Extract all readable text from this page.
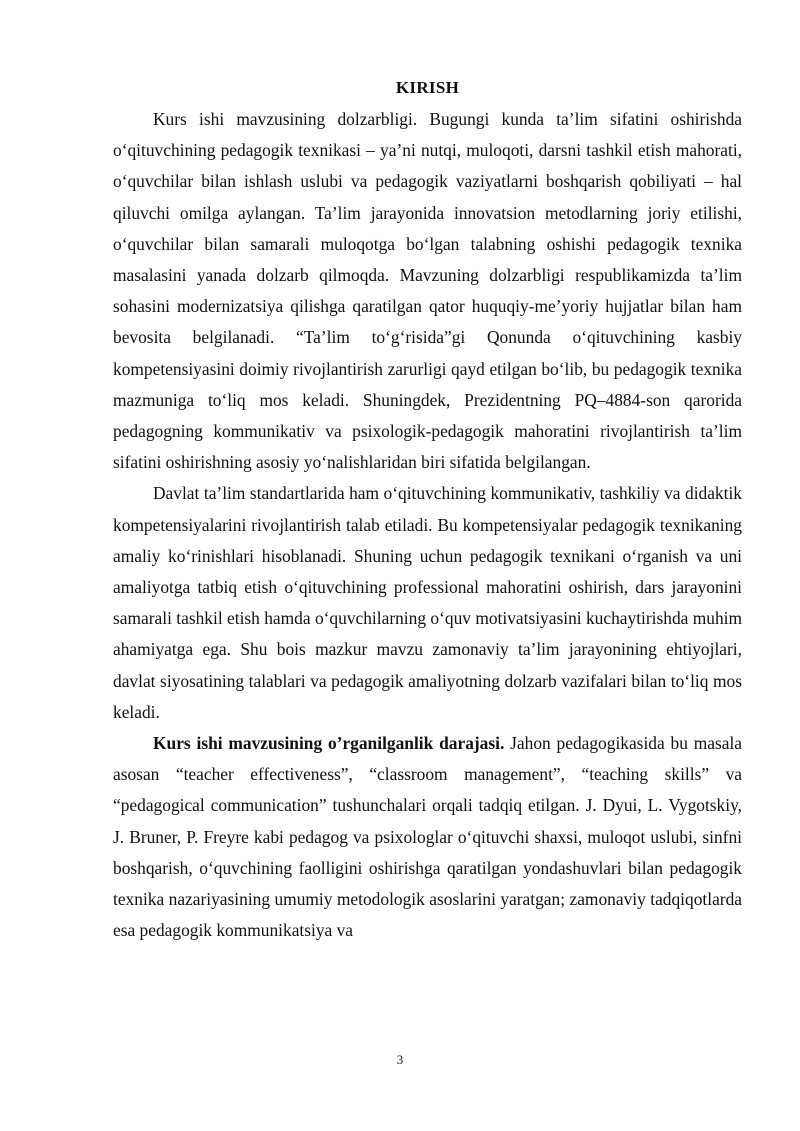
KIRISH

Kurs ishi mavzusining dolzarbligi. Bugungi kunda ta’lim sifatini oshirishda o‘qituvchining pedagogik texnikasi – ya’ni nutqi, muloqoti, darsni tashkil etish mahorati, o‘quvchilar bilan ishlash uslubi va pedagogik vaziyatlarni boshqarish qobiliyati – hal qiluvchi omilga aylangan. Ta’lim jarayonida innovatsion metodlarning joriy etilishi, o‘quvchilar bilan samarali muloqotga bo‘lgan talabning oshishi pedagogik texnika masalasini yanada dolzarb qilmoqda. Mavzuning dolzarbligi respublikamizda ta’lim sohasini modernizatsiya qilishga qaratilgan qator huquqiy-me’yoriy hujjatlar bilan ham bevosita belgilanadi. “Ta’lim to‘g‘risida”gi Qonunda o‘qituvchining kasbiy kompetensiyasini doimiy rivojlantirish zarurligi qayd etilgan bo‘lib, bu pedagogik texnika mazmuniga to‘liq mos keladi. Shuningdek, Prezidentning PQ–4884-son qarorida pedagogning kommunikativ va psixologik-pedagogik mahoratini rivojlantirish ta’lim sifatini oshirishning asosiy yo‘nalishlaridan biri sifatida belgilangan.

Davlat ta’lim standartlarida ham o‘qituvchining kommunikativ, tashkiliy va didaktik kompetensiyalarini rivojlantirish talab etiladi. Bu kompetensiyalar pedagogik texnikaning amaliy ko‘rinishlari hisoblanadi. Shuning uchun pedagogik texnikani o‘rganish va uni amaliyotga tatbiq etish o‘qituvchining professional mahoratini oshirish, dars jarayonini samarali tashkil etish hamda o‘quvchilarning o‘quv motivatsiyasini kuchaytirishda muhim ahamiyatga ega. Shu bois mazkur mavzu zamonaviy ta’lim jarayonining ehtiyojlari, davlat siyosatining talablari va pedagogik amaliyotning dolzarb vazifalari bilan to‘liq mos keladi.

Kurs ishi mavzusining o’rganilganlik darajasi. Jahon pedagogikasida bu masala asosan “teacher effectiveness”, “classroom management”, “teaching skills” va “pedagogical communication” tushunchalari orqali tadqiq etilgan. J. Dyui, L. Vygotskiy, J. Bruner, P. Freyre kabi pedagog va psixologlar o‘qituvchi shaxsi, muloqot uslubi, sinfni boshqarish, o‘quvchining faolligini oshirishga qaratilgan yondashuvlari bilan pedagogik texnika nazariyasining umumiy metodologik asoslarini yaratgan; zamonaviy tadqiqotlarda esa pedagogik kommunikatsiya va

3
